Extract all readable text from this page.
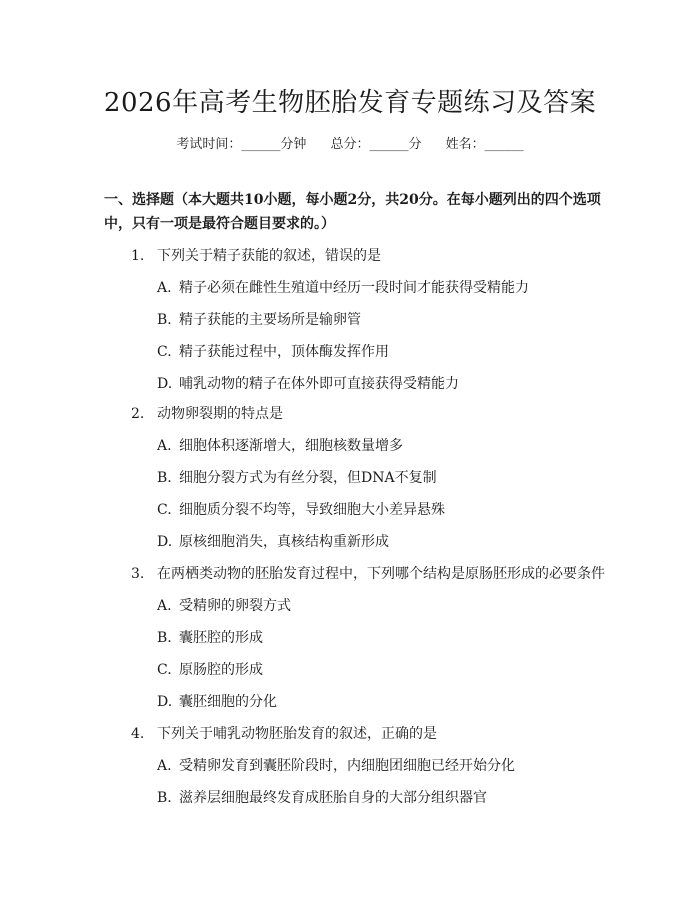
2026年高考生物胚胎发育专题练习及答案
考试时间：______分钟 总分：______分 姓名：______
一、选择题（本大题共10小题，每小题2分，共20分。在每小题列出的四个选项中，只有一项是最符合题目要求的。）
1. 下列关于精子获能的叙述，错误的是
A. 精子必须在雌性生殖道中经历一段时间才能获得受精能力
B. 精子获能的主要场所是输卵管
C. 精子获能过程中，顶体酶发挥作用
D. 哺乳动物的精子在体外即可直接获得受精能力
2. 动物卵裂期的特点是
A. 细胞体积逐渐增大，细胞核数量增多
B. 细胞分裂方式为有丝分裂，但DNA不复制
C. 细胞质分裂不均等，导致细胞大小差异悬殊
D. 原核细胞消失，真核结构重新形成
3. 在两栖类动物的胚胎发育过程中，下列哪个结构是原肠胚形成的必要条件
A. 受精卵的卵裂方式
B. 囊胚腔的形成
C. 原肠腔的形成
D. 囊胚细胞的分化
4. 下列关于哺乳动物胚胎发育的叙述，正确的是
A. 受精卵发育到囊胚阶段时，内细胞团细胞已经开始分化
B. 滋养层细胞最终发育成胚胎自身的大部分组织器官
